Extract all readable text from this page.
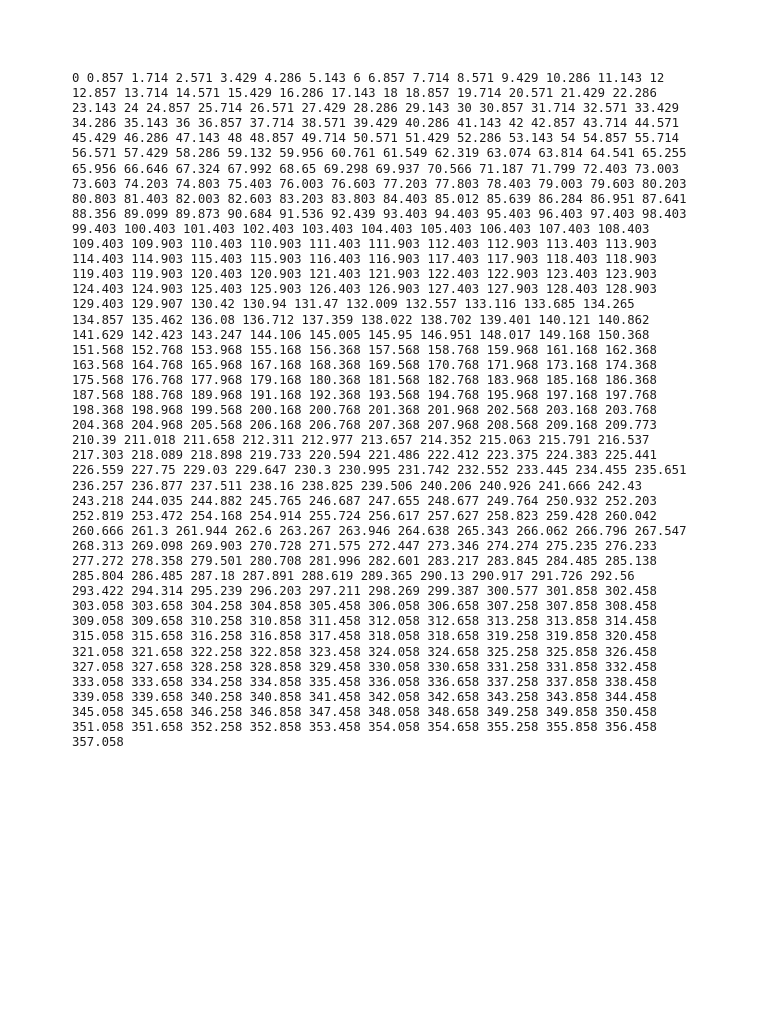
0 0.857 1.714 2.571 3.429 4.286 5.143 6 6.857 7.714 8.571 9.429 10.286 11.143 12
12.857 13.714 14.571 15.429 16.286 17.143 18 18.857 19.714 20.571 21.429 22.286
23.143 24 24.857 25.714 26.571 27.429 28.286 29.143 30 30.857 31.714 32.571 33.429
34.286 35.143 36 36.857 37.714 38.571 39.429 40.286 41.143 42 42.857 43.714 44.571
45.429 46.286 47.143 48 48.857 49.714 50.571 51.429 52.286 53.143 54 54.857 55.714
56.571 57.429 58.286 59.132 59.956 60.761 61.549 62.319 63.074 63.814 64.541 65.255
65.956 66.646 67.324 67.992 68.65 69.298 69.937 70.566 71.187 71.799 72.403 73.003
73.603 74.203 74.803 75.403 76.003 76.603 77.203 77.803 78.403 79.003 79.603 80.203
80.803 81.403 82.003 82.603 83.203 83.803 84.403 85.012 85.639 86.284 86.951 87.641
88.356 89.099 89.873 90.684 91.536 92.439 93.403 94.403 95.403 96.403 97.403 98.403
99.403 100.403 101.403 102.403 103.403 104.403 105.403 106.403 107.403 108.403
109.403 109.903 110.403 110.903 111.403 111.903 112.403 112.903 113.403 113.903
114.403 114.903 115.403 115.903 116.403 116.903 117.403 117.903 118.403 118.903
119.403 119.903 120.403 120.903 121.403 121.903 122.403 122.903 123.403 123.903
124.403 124.903 125.403 125.903 126.403 126.903 127.403 127.903 128.403 128.903
129.403 129.907 130.42 130.94 131.47 132.009 132.557 133.116 133.685 134.265
134.857 135.462 136.08 136.712 137.359 138.022 138.702 139.401 140.121 140.862
141.629 142.423 143.247 144.106 145.005 145.95 146.951 148.017 149.168 150.368
151.568 152.768 153.968 155.168 156.368 157.568 158.768 159.968 161.168 162.368
163.568 164.768 165.968 167.168 168.368 169.568 170.768 171.968 173.168 174.368
175.568 176.768 177.968 179.168 180.368 181.568 182.768 183.968 185.168 186.368
187.568 188.768 189.968 191.168 192.368 193.568 194.768 195.968 197.168 197.768
198.368 198.968 199.568 200.168 200.768 201.368 201.968 202.568 203.168 203.768
204.368 204.968 205.568 206.168 206.768 207.368 207.968 208.568 209.168 209.773
210.39 211.018 211.658 212.311 212.977 213.657 214.352 215.063 215.791 216.537
217.303 218.089 218.898 219.733 220.594 221.486 222.412 223.375 224.383 225.441
226.559 227.75 229.03 229.647 230.3 230.995 231.742 232.552 233.445 234.455 235.651
236.257 236.877 237.511 238.16 238.825 239.506 240.206 240.926 241.666 242.43
243.218 244.035 244.882 245.765 246.687 247.655 248.677 249.764 250.932 252.203
252.819 253.472 254.168 254.914 255.724 256.617 257.627 258.823 259.428 260.042
260.666 261.3 261.944 262.6 263.267 263.946 264.638 265.343 266.062 266.796 267.547
268.313 269.098 269.903 270.728 271.575 272.447 273.346 274.274 275.235 276.233
277.272 278.358 279.501 280.708 281.996 282.601 283.217 283.845 284.485 285.138
285.804 286.485 287.18 287.891 288.619 289.365 290.13 290.917 291.726 292.56
293.422 294.314 295.239 296.203 297.211 298.269 299.387 300.577 301.858 302.458
303.058 303.658 304.258 304.858 305.458 306.058 306.658 307.258 307.858 308.458
309.058 309.658 310.258 310.858 311.458 312.058 312.658 313.258 313.858 314.458
315.058 315.658 316.258 316.858 317.458 318.058 318.658 319.258 319.858 320.458
321.058 321.658 322.258 322.858 323.458 324.058 324.658 325.258 325.858 326.458
327.058 327.658 328.258 328.858 329.458 330.058 330.658 331.258 331.858 332.458
333.058 333.658 334.258 334.858 335.458 336.058 336.658 337.258 337.858 338.458
339.058 339.658 340.258 340.858 341.458 342.058 342.658 343.258 343.858 344.458
345.058 345.658 346.258 346.858 347.458 348.058 348.658 349.258 349.858 350.458
351.058 351.658 352.258 352.858 353.458 354.058 354.658 355.258 355.858 356.458
357.058
